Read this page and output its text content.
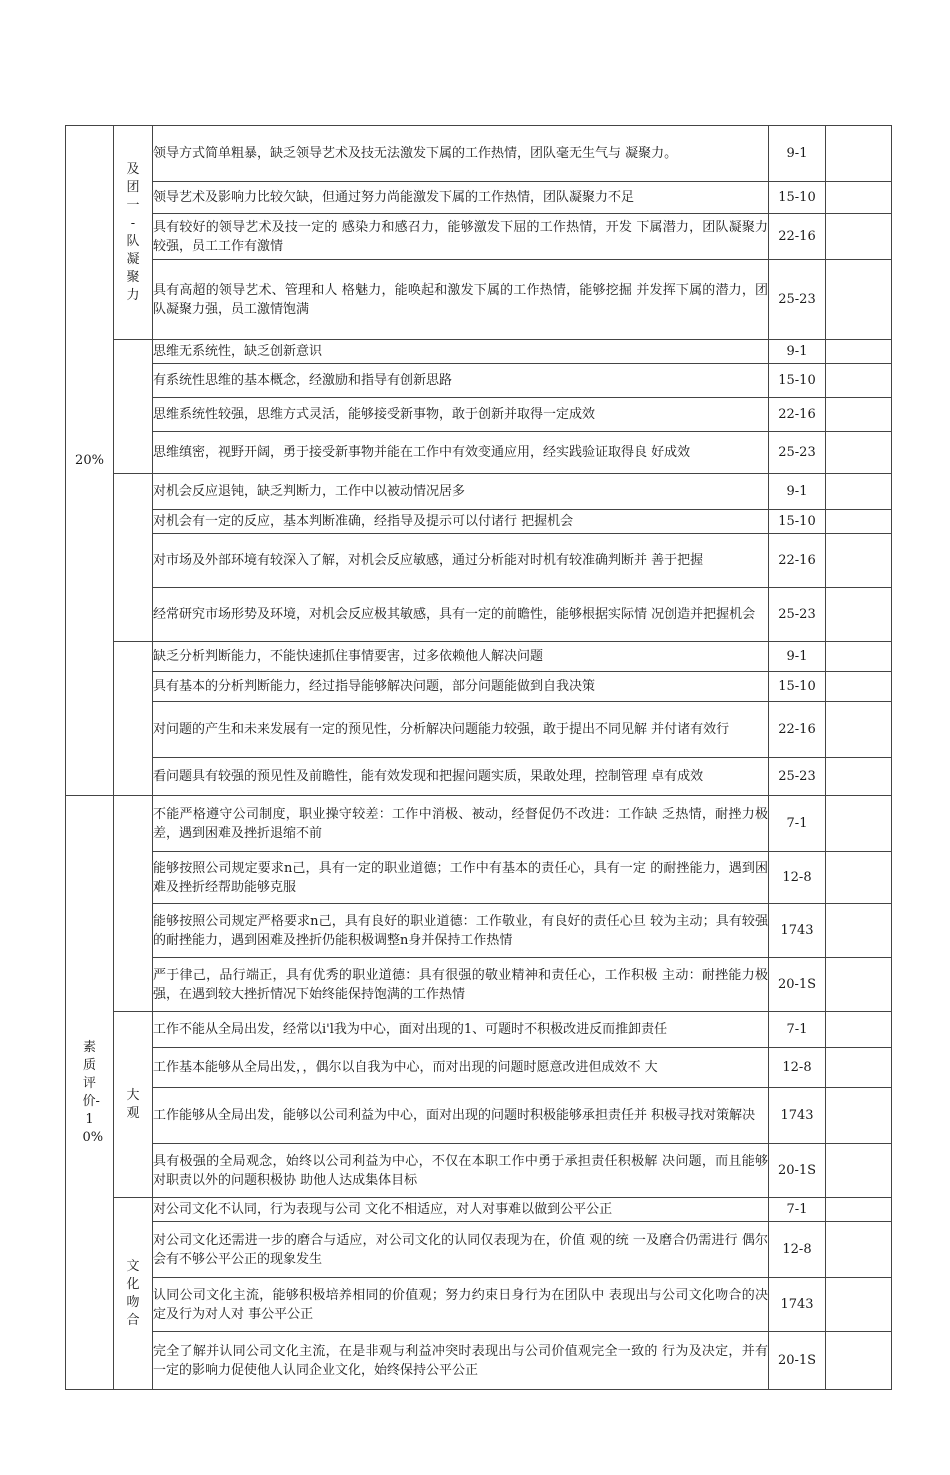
20%	及团 一 -队凝聚力	领导方式简单粗暴，缺乏领导艺术及技无法激发下属的工作热情，团队毫无生气与 凝聚力。	9-1	
		领导艺术及影响力比较欠缺，但通过努力尚能激发下属的工作热情，团队凝聚力不足	15-10	
		具有较好的领导艺术及技一定的 感染力和感召力，能够激发下屈的工作热情，开发 下属潜力，团队凝聚力较强，员工工作有激情	22-16	
		具有高超的领导艺术、管理和人 格魅力，能唤起和激发下属的工作热情，能够挖掘 并发挥下属的潜力，团队凝聚力强，员工激情饱满	25-23	
		思维无系统性，缺乏创新意识	9-1	
		有系统性思维的基本概念，经激励和指导有创新思路	15-10	
		思维系统性较强，思维方式灵活，能够接受新事物，敢于创新并取得一定成效	22-16	
		思维缜密，视野开阔，勇于接受新事物并能在工作中有效变通应用，经实践验证取得良 好成效	25-23	
		对机会反应退钝，缺乏判断力，工作中以被动情况居多	9-1	
		对机会有一定的反应，基本判断准确，经指导及提示可以付诸行 把握机会	15-10	
		对市场及外部环境有较深入了解，对机会反应敏感，通过分析能对时机有较准确判断并 善于把握	22-16	
		经常研究市场形势及环境，对机会反应极其敏感，具有一定的前瞻性，能够根据实际情 况创造并把握机会	25-23	
		缺乏分析判断能力，不能快速抓住事情要害，过多依赖他人解决问题	9-1	
		具有基本的分析判断能力，经过指导能够解决问题，部分问题能做到自我决策	15-10	
		对问题的产生和未来发展有一定的预见性，分析解决问题能力较强，敢于提出不同见解 并付诸有效行	22-16	
		看问题具有较强的预见性及前瞻性，能有效发现和把握问题实质，果敢处理，控制管理 卓有成效	25-23	
素质评价-10%		不能严格遵守公司制度，职业操守较差：工作中消极、被动，经督促仍不改进：工作缺 乏热情，耐挫力极差，遇到困难及挫折退缩不前	7-1	
		能够按照公司规定要求n己，具有一定的职业道德；工作中有基本的责任心，具有一定 的耐挫能力，遇到困难及挫折经帮助能够克服	12-8	
		能够按照公司规定严格要求n己，具有良好的职业道德：工作敬业，有良好的责任心旦 较为主动；具有较强的耐挫能力，遇到困难及挫折仍能积极调整n身并保持工作热情	1743	
		严于律己，品行端正，具有优秀的职业道德：具有很强的敬业精神和责任心，工作积极 主动：耐挫能力极强，在遇到较大挫折情况下始终能保持饱满的工作热情	20-1S	
	大观	工作不能从全局出发，经常以i'l我为中心，面对出现的1、可题时不积极改进反而推卸责任	7-1	
		工作基本能够从全局出发，，偶尔以自我为中心，而对出现的问题时愿意改进但成效不 大	12-8	
		工作能够从全局出发，能够以公司利益为中心，面对出现的问题时积极能够承担责任并 积极寻找对策解决	1743	
		具有极强的全局观念，始终以公司利益为中心，不仅在本职工作中勇于承担责任积极解 决问题，而且能够对职责以外的问题积极协 助他人达成集体目标	20-1S	
	文化吻合	对公司文化不认同，行为表现与公司 文化不相适应，对人对事难以做到公平公正	7-1	
		对公司文化还需进一步的磨合与适应，对公司文化的认同仅表现为在，价值 观的统 一及磨合仍需进行 偶尔会有不够公平公正的现象发生	12-8	
		认同公司文化主流，能够积极培养相同的价值观；努力约束日身行为在团队中 表现出与公司文化吻合的决定及行为对人对 事公平公正	1743	
		完全了解并认同公司文化主流，在是非观与利益冲突时表现出与公司价值观完全一致的 行为及决定，并有一定的影响力促使他人认同企业文化，始终保持公平公正	20-1S	
